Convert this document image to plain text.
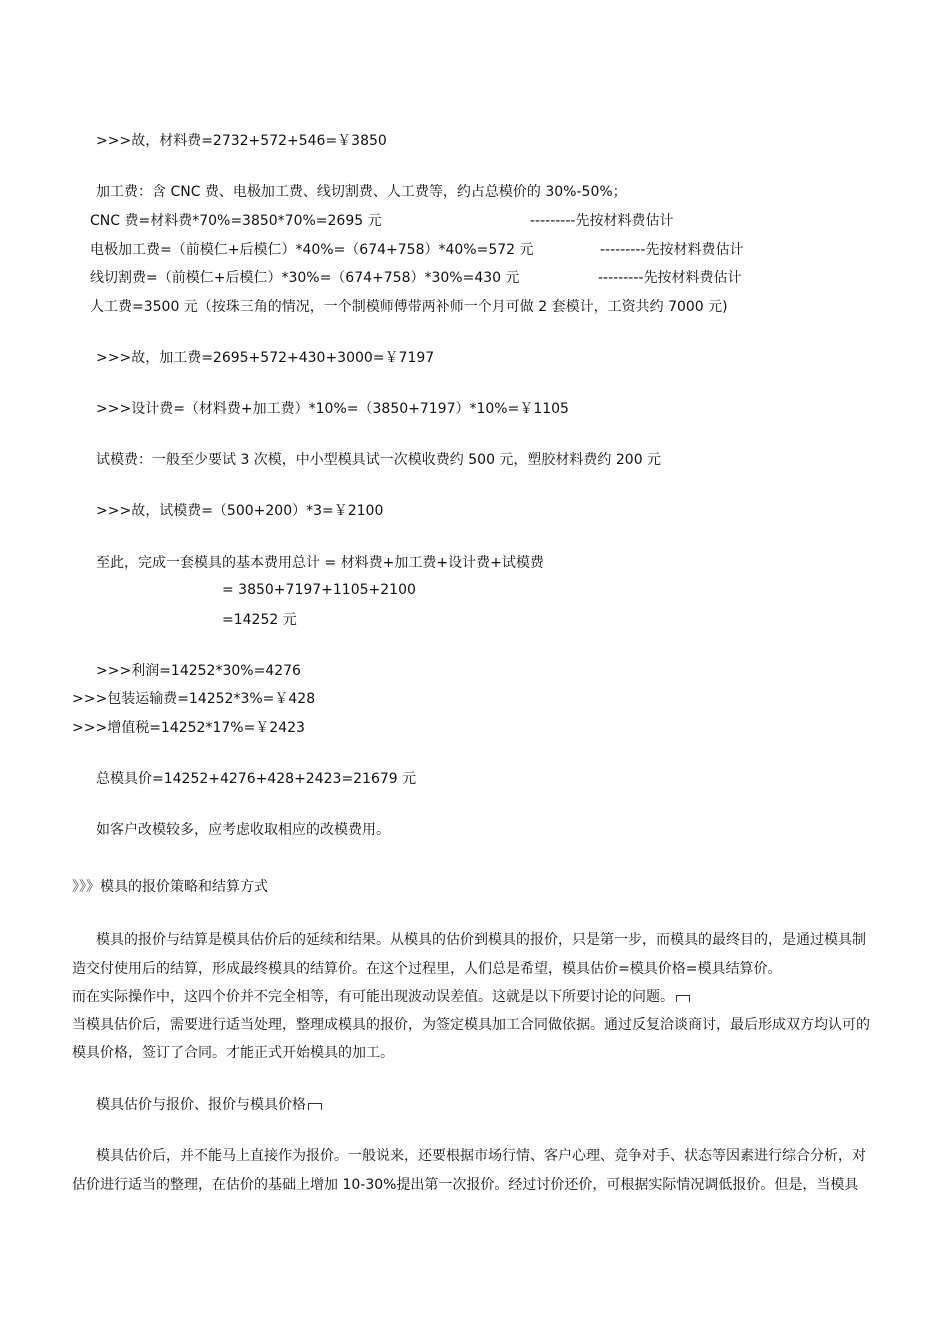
>>>故，材料费=2732+572+546=￥3850
加工费：含 CNC 费、电极加工费、线切割费、人工费等，约占总模价的 30%-50%；
CNC 费=材料费*70%=3850*70%=2695 元	---------先按材料费估计
电极加工费=（前模仁+后模仁）*40%=（674+758）*40%=572 元	---------先按材料费估计
线切割费=（前模仁+后模仁）*30%=（674+758）*30%=430 元	---------先按材料费估计
人工费=3500 元（按珠三角的情况，一个制模师傅带两补师一个月可做 2 套模计，工资共约 7000 元)
>>>故，加工费=2695+572+430+3000=￥7197
>>>设计费=（材料费+加工费）*10%=（3850+7197）*10%=￥1105
试模费：一般至少要试 3 次模，中小型模具试一次模收费约 500 元，塑胶材料费约 200 元
>>>故，试模费=（500+200）*3=￥2100
至此，完成一套模具的基本费用总计 = 材料费+加工费+设计费+试模费
= 3850+7197+1105+2100
=14252 元
>>>利润=14252*30%=4276
>>>包装运输费=14252*3%=￥428
>>>增值税=14252*17%=￥2423
总模具价=14252+4276+428+2423=21679 元
如客户改模较多，应考虑收取相应的改模费用。
》》》模具的报价策略和结算方式
模具的报价与结算是模具估价后的延续和结果。从模具的估价到模具的报价，只是第一步，而模具的最终目的，是通过模具制
造交付使用后的结算，形成最终模具的结算价。在这个过程里，人们总是希望，模具估价=模具价格=模具结算价。
而在实际操作中，这四个价并不完全相等，有可能出现波动误差值。这就是以下所要讨论的问题。
当模具估价后，需要进行适当处理，整理成模具的报价，为签定模具加工合同做依据。通过反复洽谈商讨，最后形成双方均认可的
模具价格，签订了合同。才能正式开始模具的加工。
模具估价与报价、报价与模具价格
模具估价后，并不能马上直接作为报价。一般说来，还要根据市场行情、客户心理、竞争对手、状态等因素进行综合分析，对
估价进行适当的整理，在估价的基础上增加 10-30%提出第一次报价。经过讨价还价，可根据实际情况调低报价。但是，当模具
